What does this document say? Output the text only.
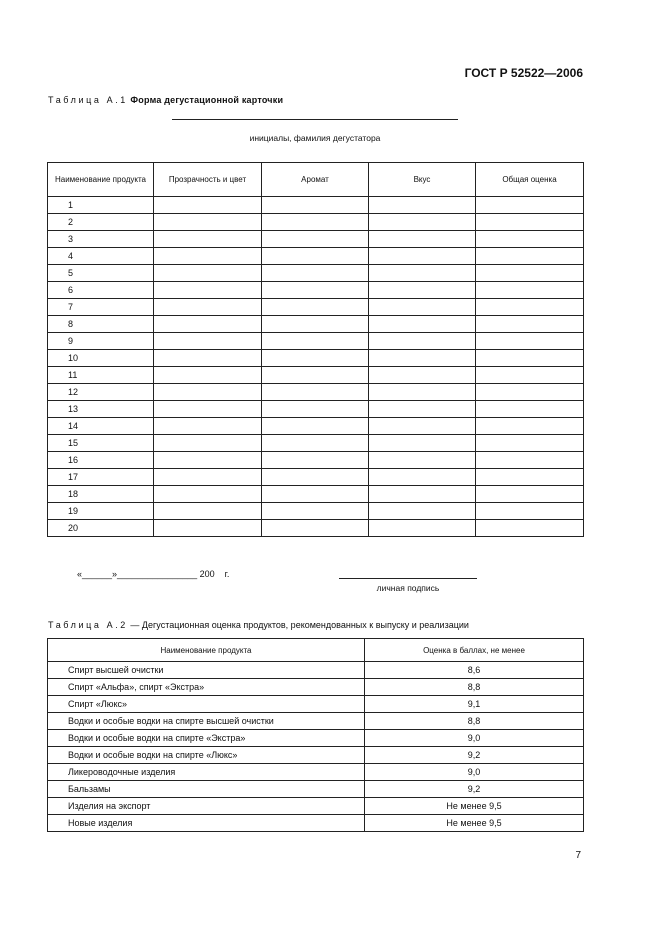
ГОСТ Р 52522—2006
Таблица А.1 Форма дегустационной карточки
инициалы, фамилия дегустатора
Наименование продукта	Прозрачность и цвет	Аромат	Вкус	Общая оценка
1				
2				
3				
4				
5				
6				
7				
8				
9				
10				
11				
12				
13				
14				
15				
16				
17				
18				
19				
20				
«______»________________ 200    г.
личная подпись
Таблица А.2 — Дегустационная оценка продуктов, рекомендованных к выпуску и реализации
Наименование продукта	Оценка в баллах, не менее
Спирт высшей очистки	8,6
Спирт «Альфа», спирт «Экстра»	8,8
Спирт «Люкс»	9,1
Водки и особые водки на спирте высшей очистки	8,8
Водки и особые водки на спирте «Экстра»	9,0
Водки и особые водки на спирте «Люкс»	9,2
Ликероводочные изделия	9,0
Бальзамы	9,2
Изделия на экспорт	Не менее 9,5
Новые изделия	Не менее 9,5
7
